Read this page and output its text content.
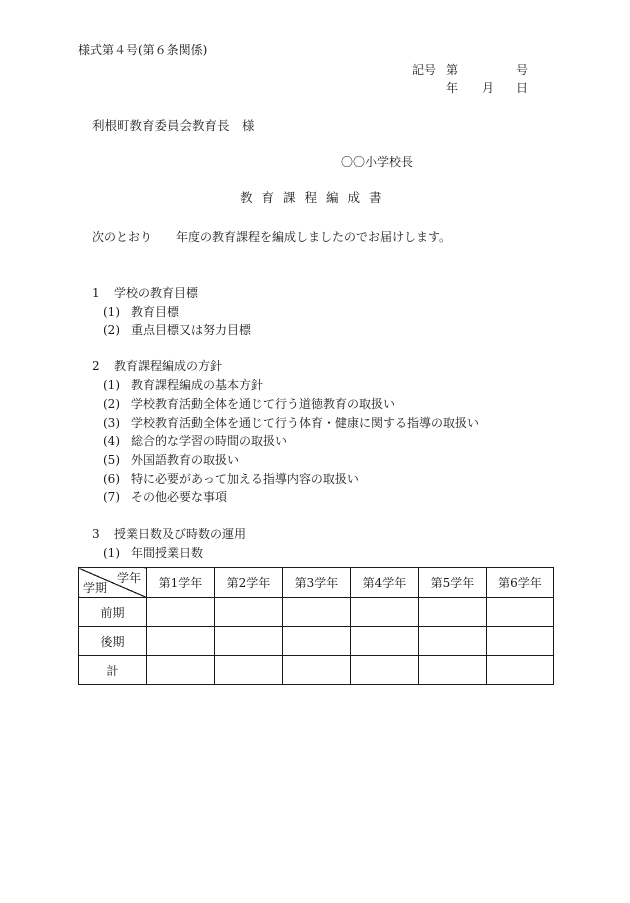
様式第４号(第６条関係)
記号 第	号
年 月 日
利根町教育委員会教育長　様
〇〇小学校長
教育課程編成書
次のとおり 年度の教育課程を編成しましたのでお届けします。
1 学校の教育目標
(1) 教育目標
(2) 重点目標又は努力目標
2 教育課程編成の方針
(1) 教育課程編成の基本方針
(2) 学校教育活動全体を通じて行う道徳教育の取扱い
(3) 学校教育活動全体を通じて行う体育・健康に関する指導の取扱い
(4) 総合的な学習の時間の取扱い
(5) 外国語教育の取扱い
(6) 特に必要があって加える指導内容の取扱い
(7) その他必要な事項
3 授業日数及び時数の運用
(1) 年間授業日数
学年
学期	第1学年	第2学年	第3学年	第4学年	第5学年	第6学年
前期						
後期						
計						
